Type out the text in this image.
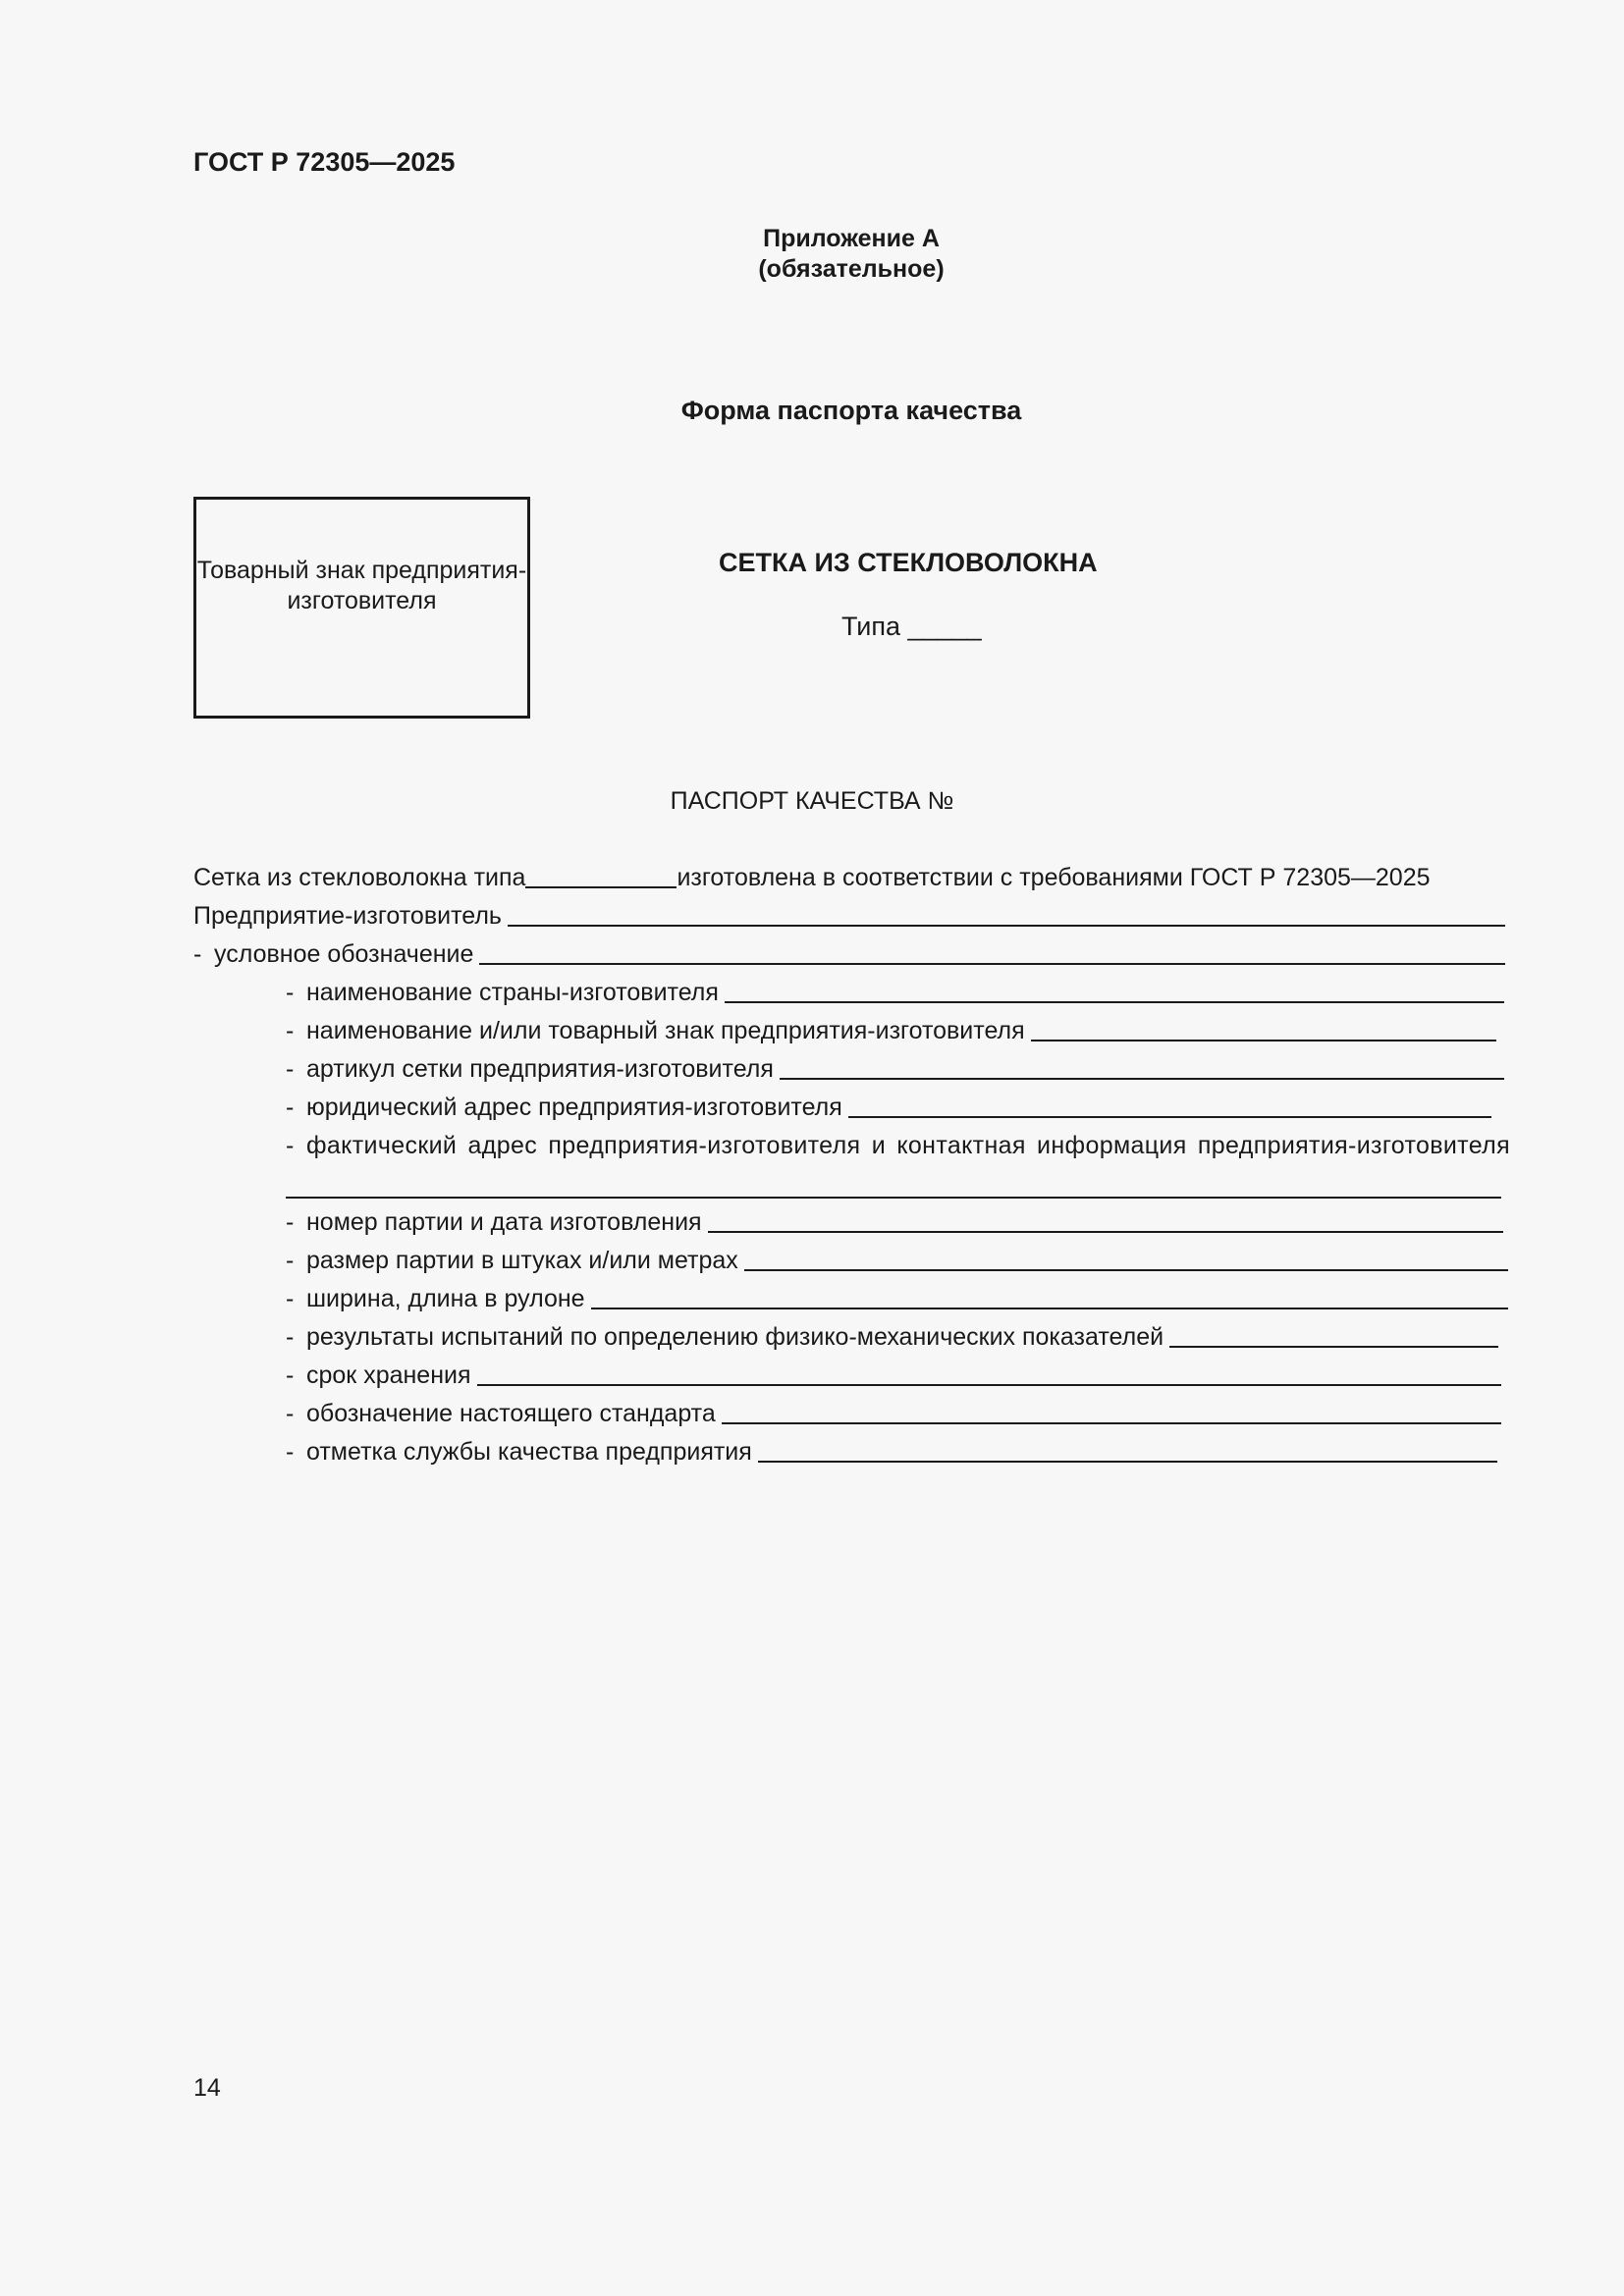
ГОСТ Р 72305—2025
Приложение А
(обязательное)
Форма паспорта качества
Товарный знак предприятия-
изготовителя
СЕТКА ИЗ СТЕКЛОВОЛОКНА
Типа _____
ПАСПОРТ КАЧЕСТВА №
Сетка из стекловолокна типа	изготовлена в соответствии с требованиями ГОСТ Р 72305—2025
Предприятие-изготовитель
- условное обозначение
- наименование страны-изготовителя
- наименование и/или товарный знак предприятия-изготовителя
- артикул сетки предприятия-изготовителя
- юридический адрес предприятия-изготовителя
- фактический адрес предприятия-изготовителя и контактная информация предприятия-изготовителя
- номер партии и дата изготовления
- размер партии в штуках и/или метрах
- ширина, длина в рулоне
- результаты испытаний по определению физико-механических показателей
- срок хранения
- обозначение настоящего стандарта
- отметка службы качества предприятия
14
